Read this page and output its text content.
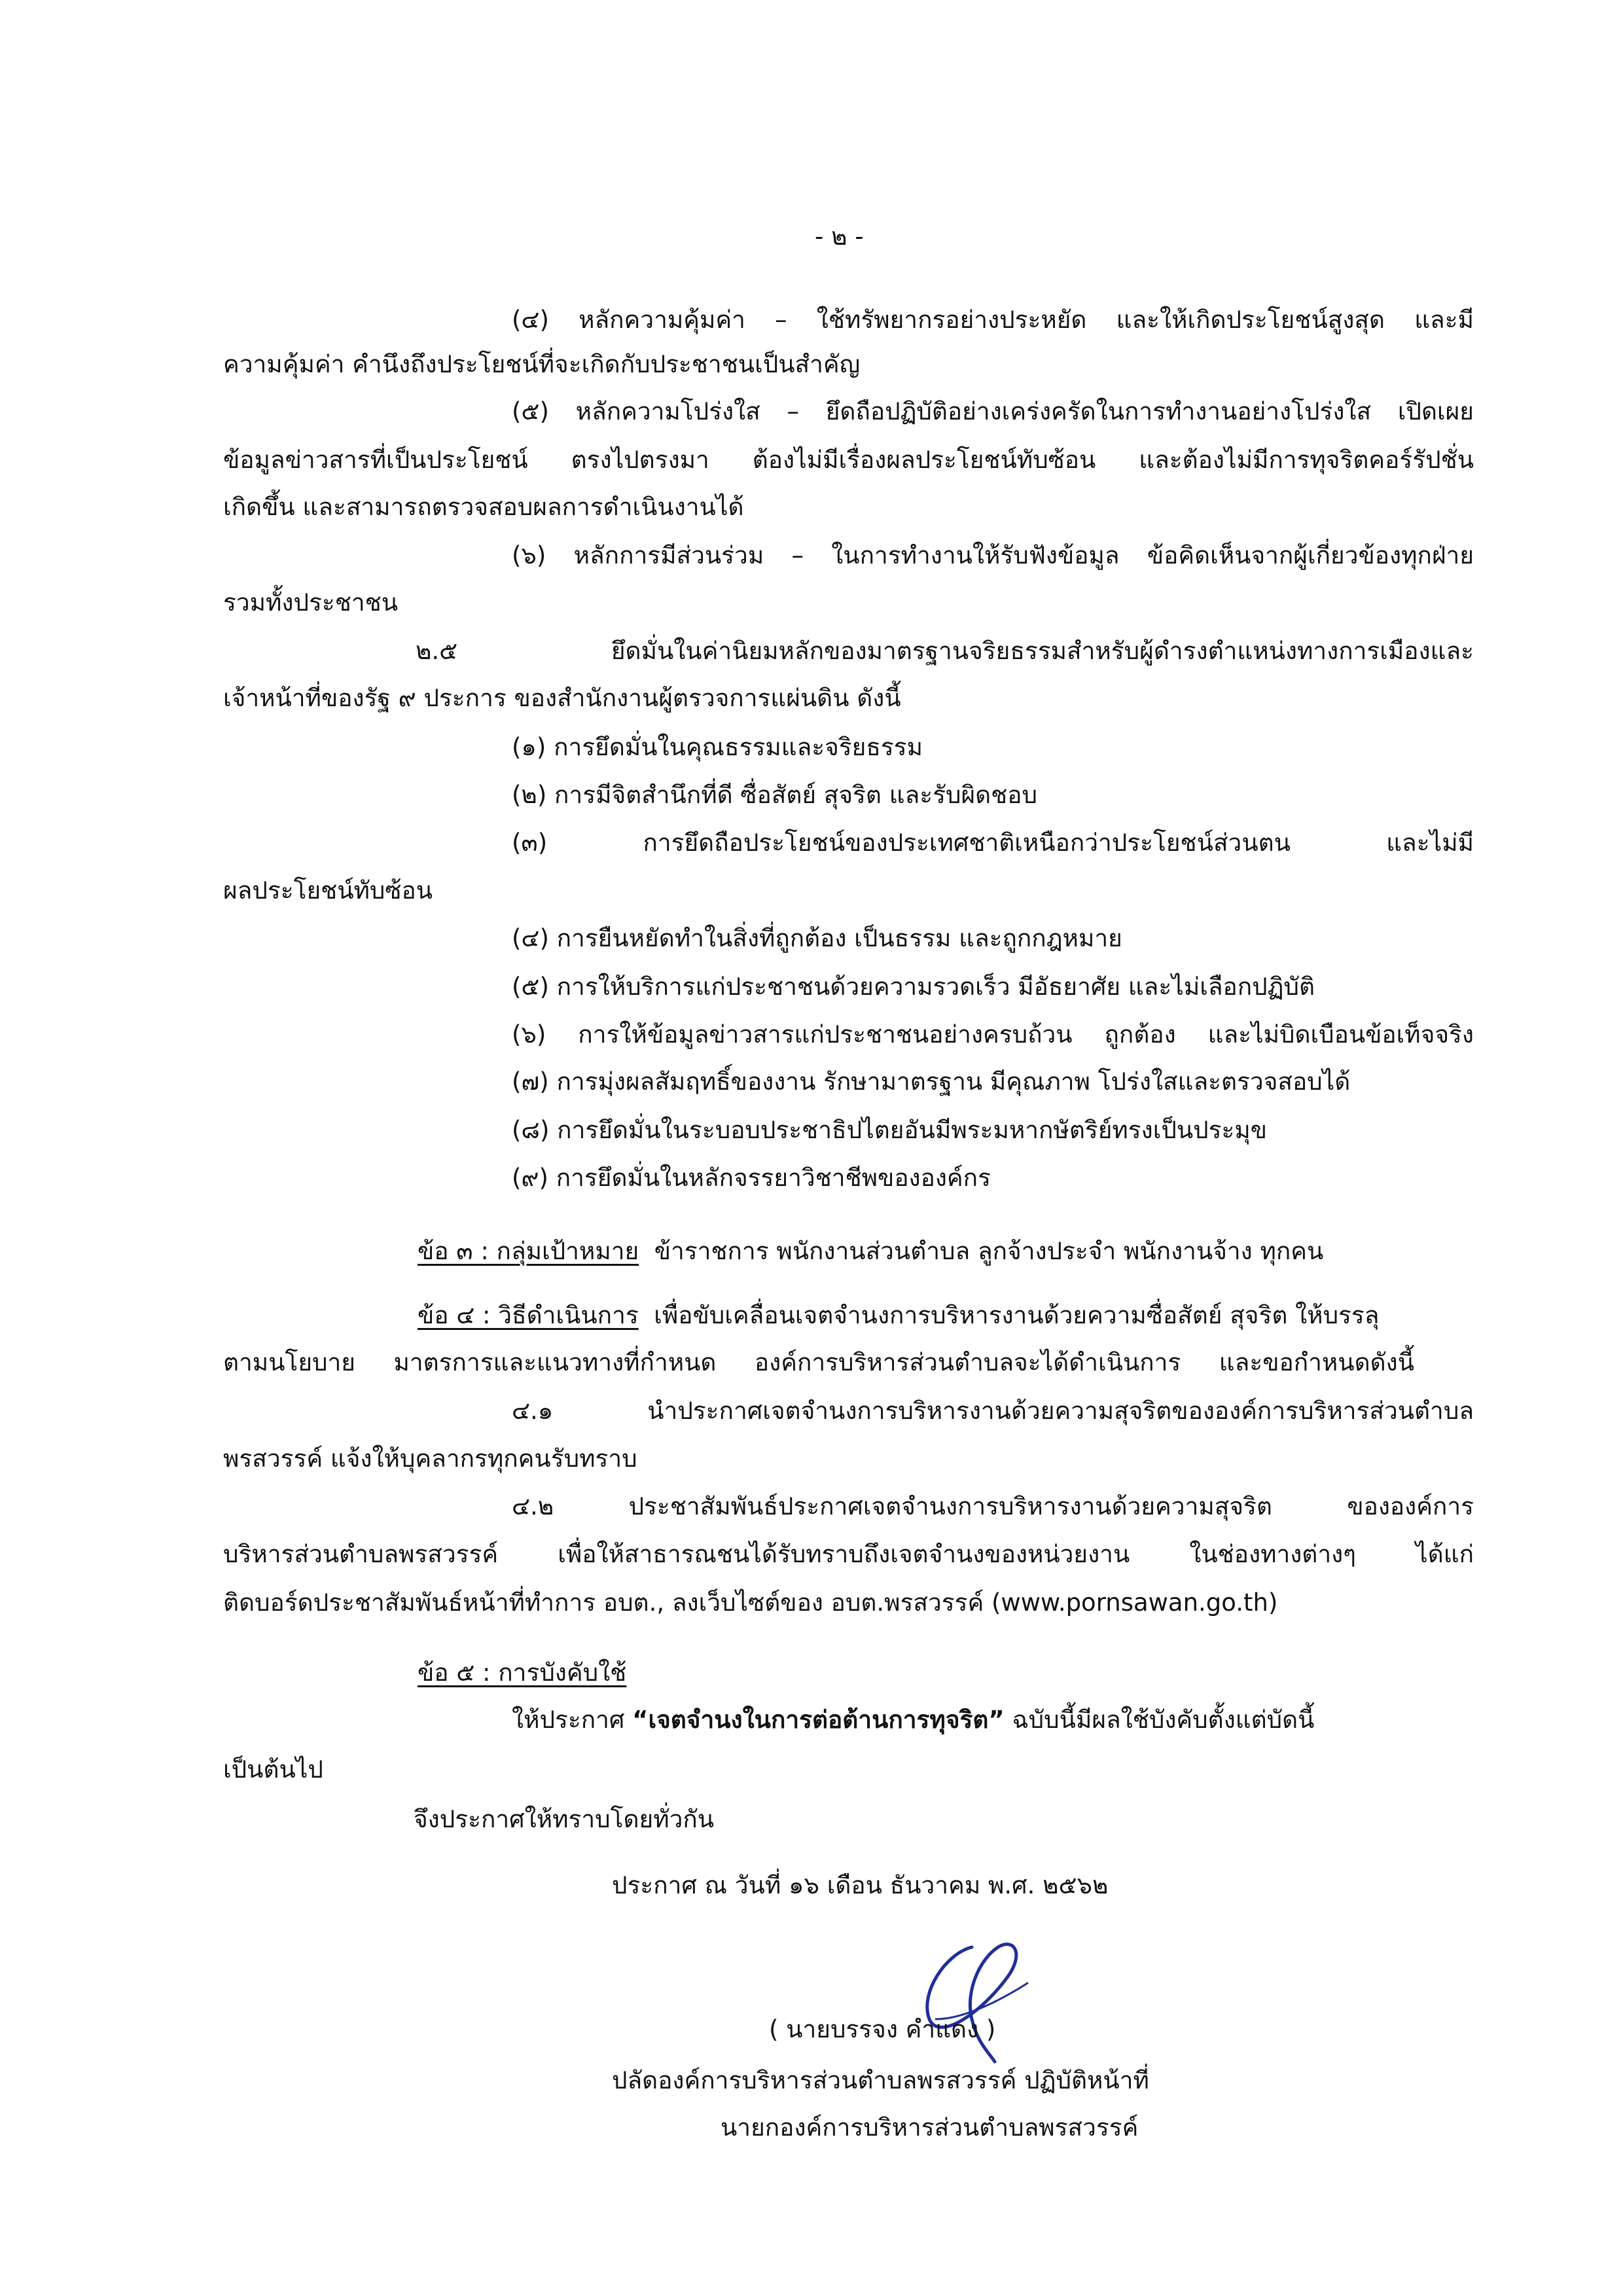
- ๒ -
(๔) หลักความคุ้มค่า – ใช้ทรัพยากรอย่างประหยัด และให้เกิดประโยชน์สูงสุด และมี
ความคุ้มค่า คำนึงถึงประโยชน์ที่จะเกิดกับประชาชนเป็นสำคัญ
(๕) หลักความโปร่งใส – ยึดถือปฏิบัติอย่างเคร่งครัดในการทำงานอย่างโปร่งใส เปิดเผย
ข้อมูลข่าวสารที่เป็นประโยชน์ ตรงไปตรงมา ต้องไม่มีเรื่องผลประโยชน์ทับซ้อน และต้องไม่มีการทุจริตคอร์รัปชั่น
เกิดขึ้น และสามารถตรวจสอบผลการดำเนินงานได้
(๖) หลักการมีส่วนร่วม – ในการทำงานให้รับฟังข้อมูล ข้อคิดเห็นจากผู้เกี่ยวข้องทุกฝ่าย
รวมทั้งประชาชน
๒.๕ ยึดมั่นในค่านิยมหลักของมาตรฐานจริยธรรมสำหรับผู้ดำรงตำแหน่งทางการเมืองและ
เจ้าหน้าที่ของรัฐ ๙ ประการ ของสำนักงานผู้ตรวจการแผ่นดิน ดังนี้
(๑) การยึดมั่นในคุณธรรมและจริยธรรม
(๒) การมีจิตสำนึกที่ดี ซื่อสัตย์ สุจริต และรับผิดชอบ
(๓) การยึดถือประโยชน์ของประเทศชาติเหนือกว่าประโยชน์ส่วนตน และไม่มี
ผลประโยชน์ทับซ้อน
(๔) การยืนหยัดทำในสิ่งที่ถูกต้อง เป็นธรรม และถูกกฎหมาย
(๕) การให้บริการแก่ประชาชนด้วยความรวดเร็ว มีอัธยาศัย และไม่เลือกปฏิบัติ
(๖) การให้ข้อมูลข่าวสารแก่ประชาชนอย่างครบถ้วน ถูกต้อง และไม่บิดเบือนข้อเท็จจริง
(๗) การมุ่งผลสัมฤทธิ์ของงาน รักษามาตรฐาน มีคุณภาพ โปร่งใสและตรวจสอบได้
(๘) การยึดมั่นในระบอบประชาธิปไตยอันมีพระมหากษัตริย์ทรงเป็นประมุข
(๙) การยึดมั่นในหลักจรรยาวิชาชีพขององค์กร
ข้อ ๓ : กลุ่มเป้าหมาย ข้าราชการ พนักงานส่วนตำบล ลูกจ้างประจำ พนักงานจ้าง ทุกคน
ข้อ ๔ : วิธีดำเนินการ เพื่อขับเคลื่อนเจตจำนงการบริหารงานด้วยความซื่อสัตย์ สุจริต ให้บรรลุ
ตามนโยบาย มาตรการและแนวทางที่กำหนด องค์การบริหารส่วนตำบลจะได้ดำเนินการ และขอกำหนดดังนี้
๔.๑ นำประกาศเจตจำนงการบริหารงานด้วยความสุจริตขององค์การบริหารส่วนตำบล
พรสวรรค์ แจ้งให้บุคลากรทุกคนรับทราบ
๔.๒ ประชาสัมพันธ์ประกาศเจตจำนงการบริหารงานด้วยความสุจริต ขององค์การ
บริหารส่วนตำบลพรสวรรค์ เพื่อให้สาธารณชนได้รับทราบถึงเจตจำนงของหน่วยงาน ในช่องทางต่างๆ ได้แก่
ติดบอร์ดประชาสัมพันธ์หน้าที่ทำการ อบต., ลงเว็บไซต์ของ อบต.พรสวรรค์ (www.pornsawan.go.th)
ข้อ ๕ : การบังคับใช้
ให้ประกาศ “เจตจำนงในการต่อต้านการทุจริต” ฉบับนี้มีผลใช้บังคับตั้งแต่บัดนี้
เป็นต้นไป
จึงประกาศให้ทราบโดยทั่วกัน
ประกาศ ณ วันที่ ๑๖ เดือน ธันวาคม พ.ศ. ๒๕๖๒
( นายบรรจง คำแดง )
ปลัดองค์การบริหารส่วนตำบลพรสวรรค์ ปฏิบัติหน้าที่
นายกองค์การบริหารส่วนตำบลพรสวรรค์
